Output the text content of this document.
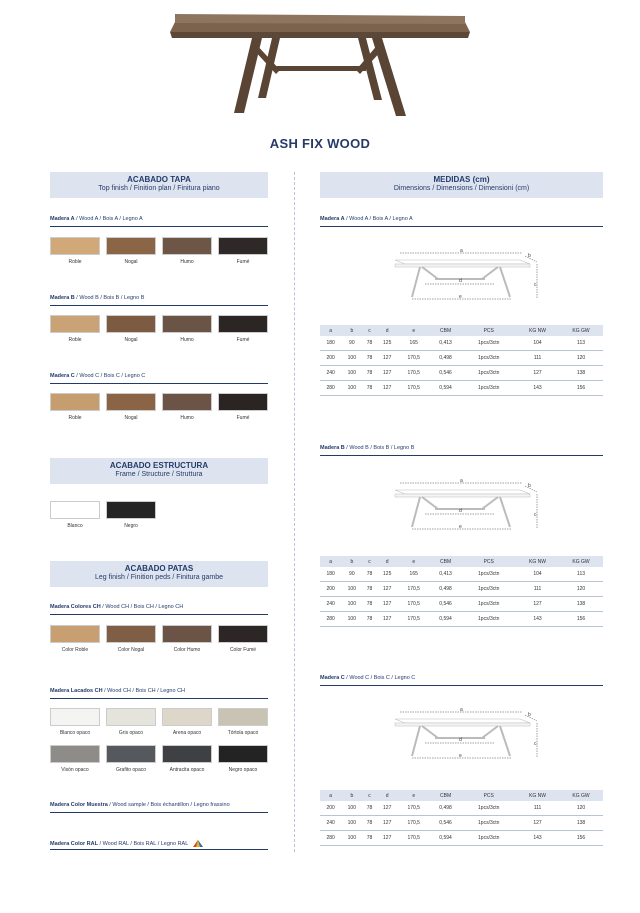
ASH FIX WOOD
ACABADO TAPA
Top finish / Finition plan / Finitura piano
Madera A / Wood A / Bois A / Legno A
Roble	Nogal	Humo	Fumé
Madera B / Wood B / Bois B / Legno B
Roble	Nogal	Humo	Fumé
Madera C / Wood C / Bois C / Legno C
Roble	Nogal	Humo	Fumé
ACABADO ESTRUCTURA
Frame / Structure / Struttura
Blanco	Negro
ACABADO PATAS
Leg finish / Finition peds / Finitura gambe
Madera Colores CH / Wood CH / Bois CH / Legno CH
Color Roble	Color Nogal	Color Humo	Color Fumé
Madera Lacados CH / Wood CH / Bois CH / Legno CH
Blanco opaco	Gris opaco	Arena opaco	Tórtola opaco
Visón opaco	Grafito opaco	Antracita opaco	Negro opaco
Madera Color Muestra / Wood sample / Bois échantillon / Legno frassino
Madera Color RAL / Wood RAL / Bois RAL / Legno RAL
MEDIDAS (cm)
Dimensions / Dimensions / Dimensioni (cm)
Madera A / Wood A / Bois A / Legno A
a
b
c
d
e
a	b	c	d	e	CBM	PCS	KG NW	KG GW
180	90	78	125	165	0,413	1pcs/3ctn	104	113
200	100	78	127	170,5	0,498	1pcs/3ctn	111	120
240	100	78	127	170,5	0,546	1pcs/3ctn	127	138
280	100	78	127	170,5	0,594	1pcs/3ctn	143	156
Madera B / Wood B / Bois B / Legno B
a
b
c
d
e
a	b	c	d	e	CBM	PCS	KG NW	KG GW
180	90	78	125	165	0,413	1pcs/3ctn	104	113
200	100	78	127	170,5	0,498	1pcs/3ctn	111	120
240	100	78	127	170,5	0,546	1pcs/3ctn	127	138
280	100	78	127	170,5	0,594	1pcs/3ctn	143	156
Madera C / Wood C / Bois C / Legno C
a
b
c
d
e
a	b	c	d	e	CBM	PCS	KG NW	KG GW
200	100	78	127	170,5	0,498	1pcs/3ctn	111	120
240	100	78	127	170,5	0,546	1pcs/3ctn	127	138
280	100	78	127	170,5	0,594	1pcs/3ctn	143	156
